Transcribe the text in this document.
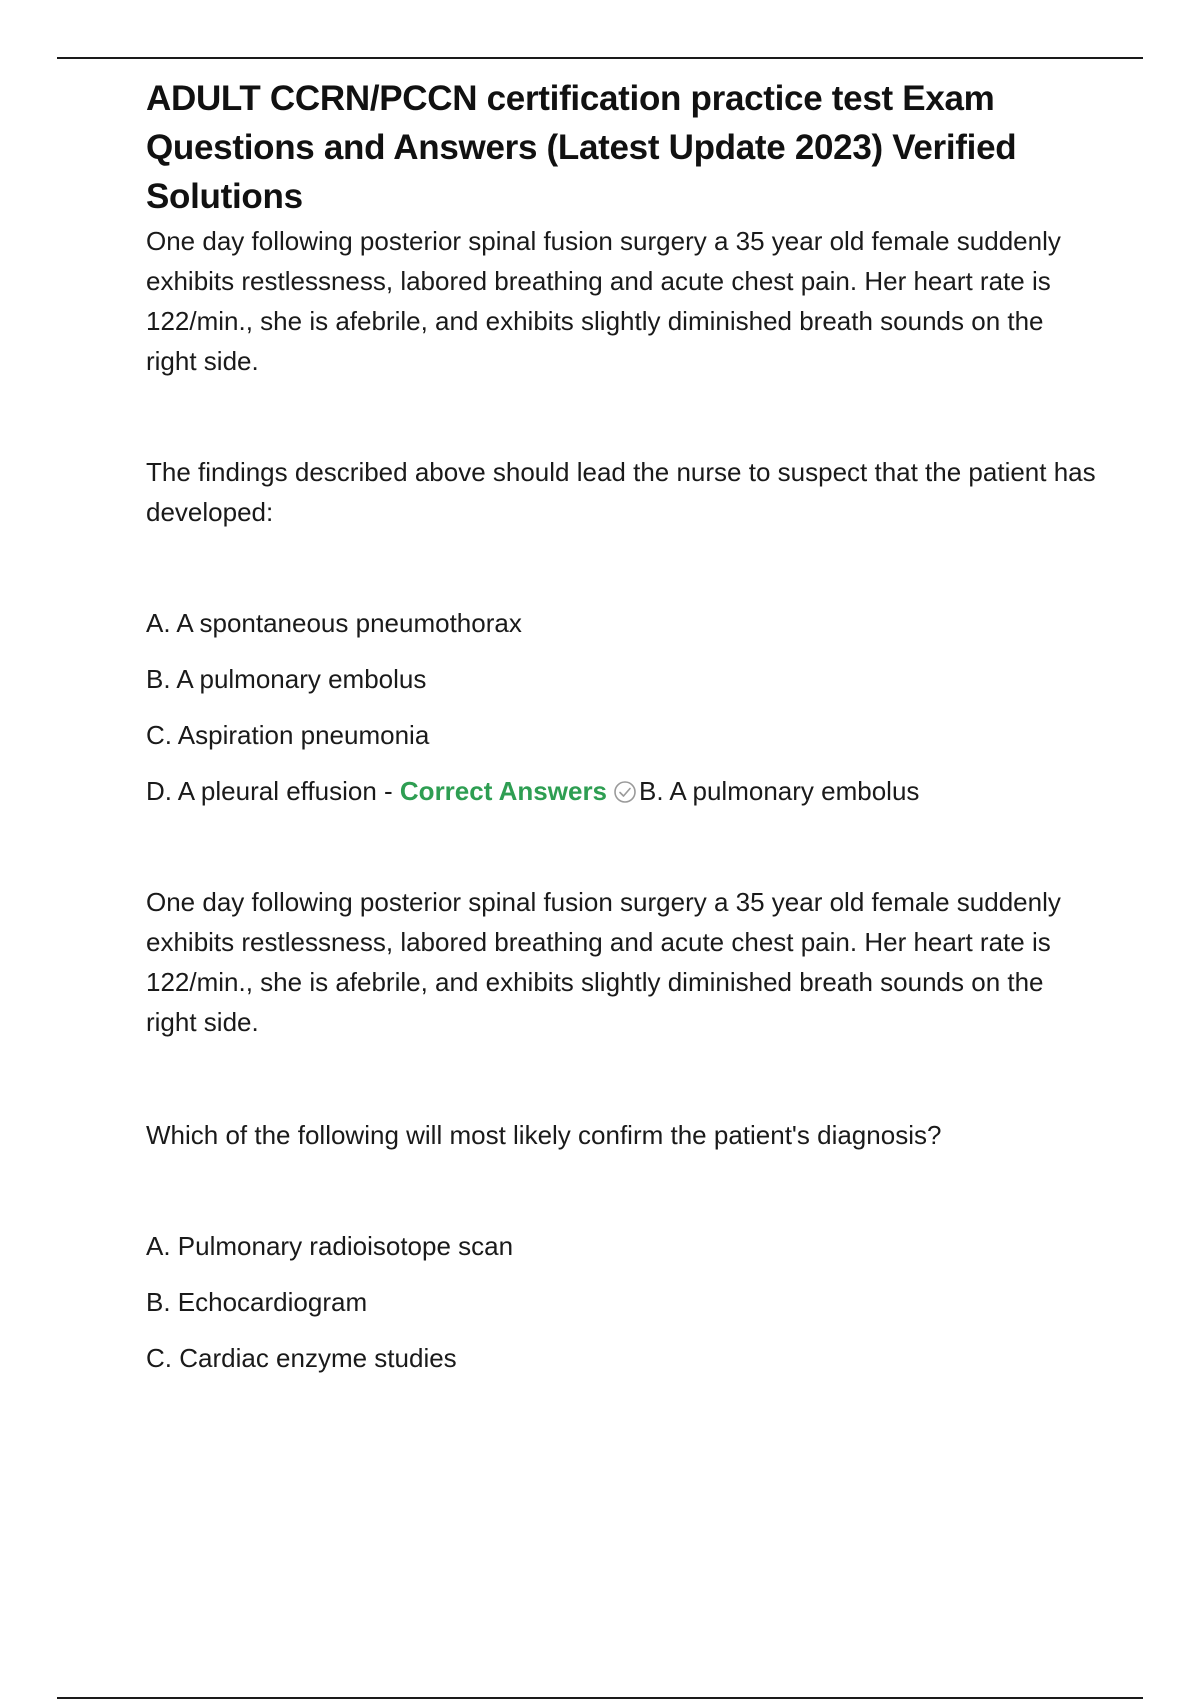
ADULT CCRN/PCCN certification practice test Exam Questions and Answers (Latest Update 2023) Verified Solutions

One day following posterior spinal fusion surgery a 35 year old female suddenly exhibits restlessness, labored breathing and acute chest pain. Her heart rate is 122/min., she is afebrile, and exhibits slightly diminished breath sounds on the right side.

The findings described above should lead the nurse to suspect that the patient has developed:

A. A spontaneous pneumothorax

B. A pulmonary embolus

C. Aspiration pneumonia

D. A pleural effusion - Correct Answers B. A pulmonary embolus

One day following posterior spinal fusion surgery a 35 year old female suddenly exhibits restlessness, labored breathing and acute chest pain. Her heart rate is 122/min., she is afebrile, and exhibits slightly diminished breath sounds on the right side.

Which of the following will most likely confirm the patient's diagnosis?

A. Pulmonary radioisotope scan

B. Echocardiogram

C. Cardiac enzyme studies
